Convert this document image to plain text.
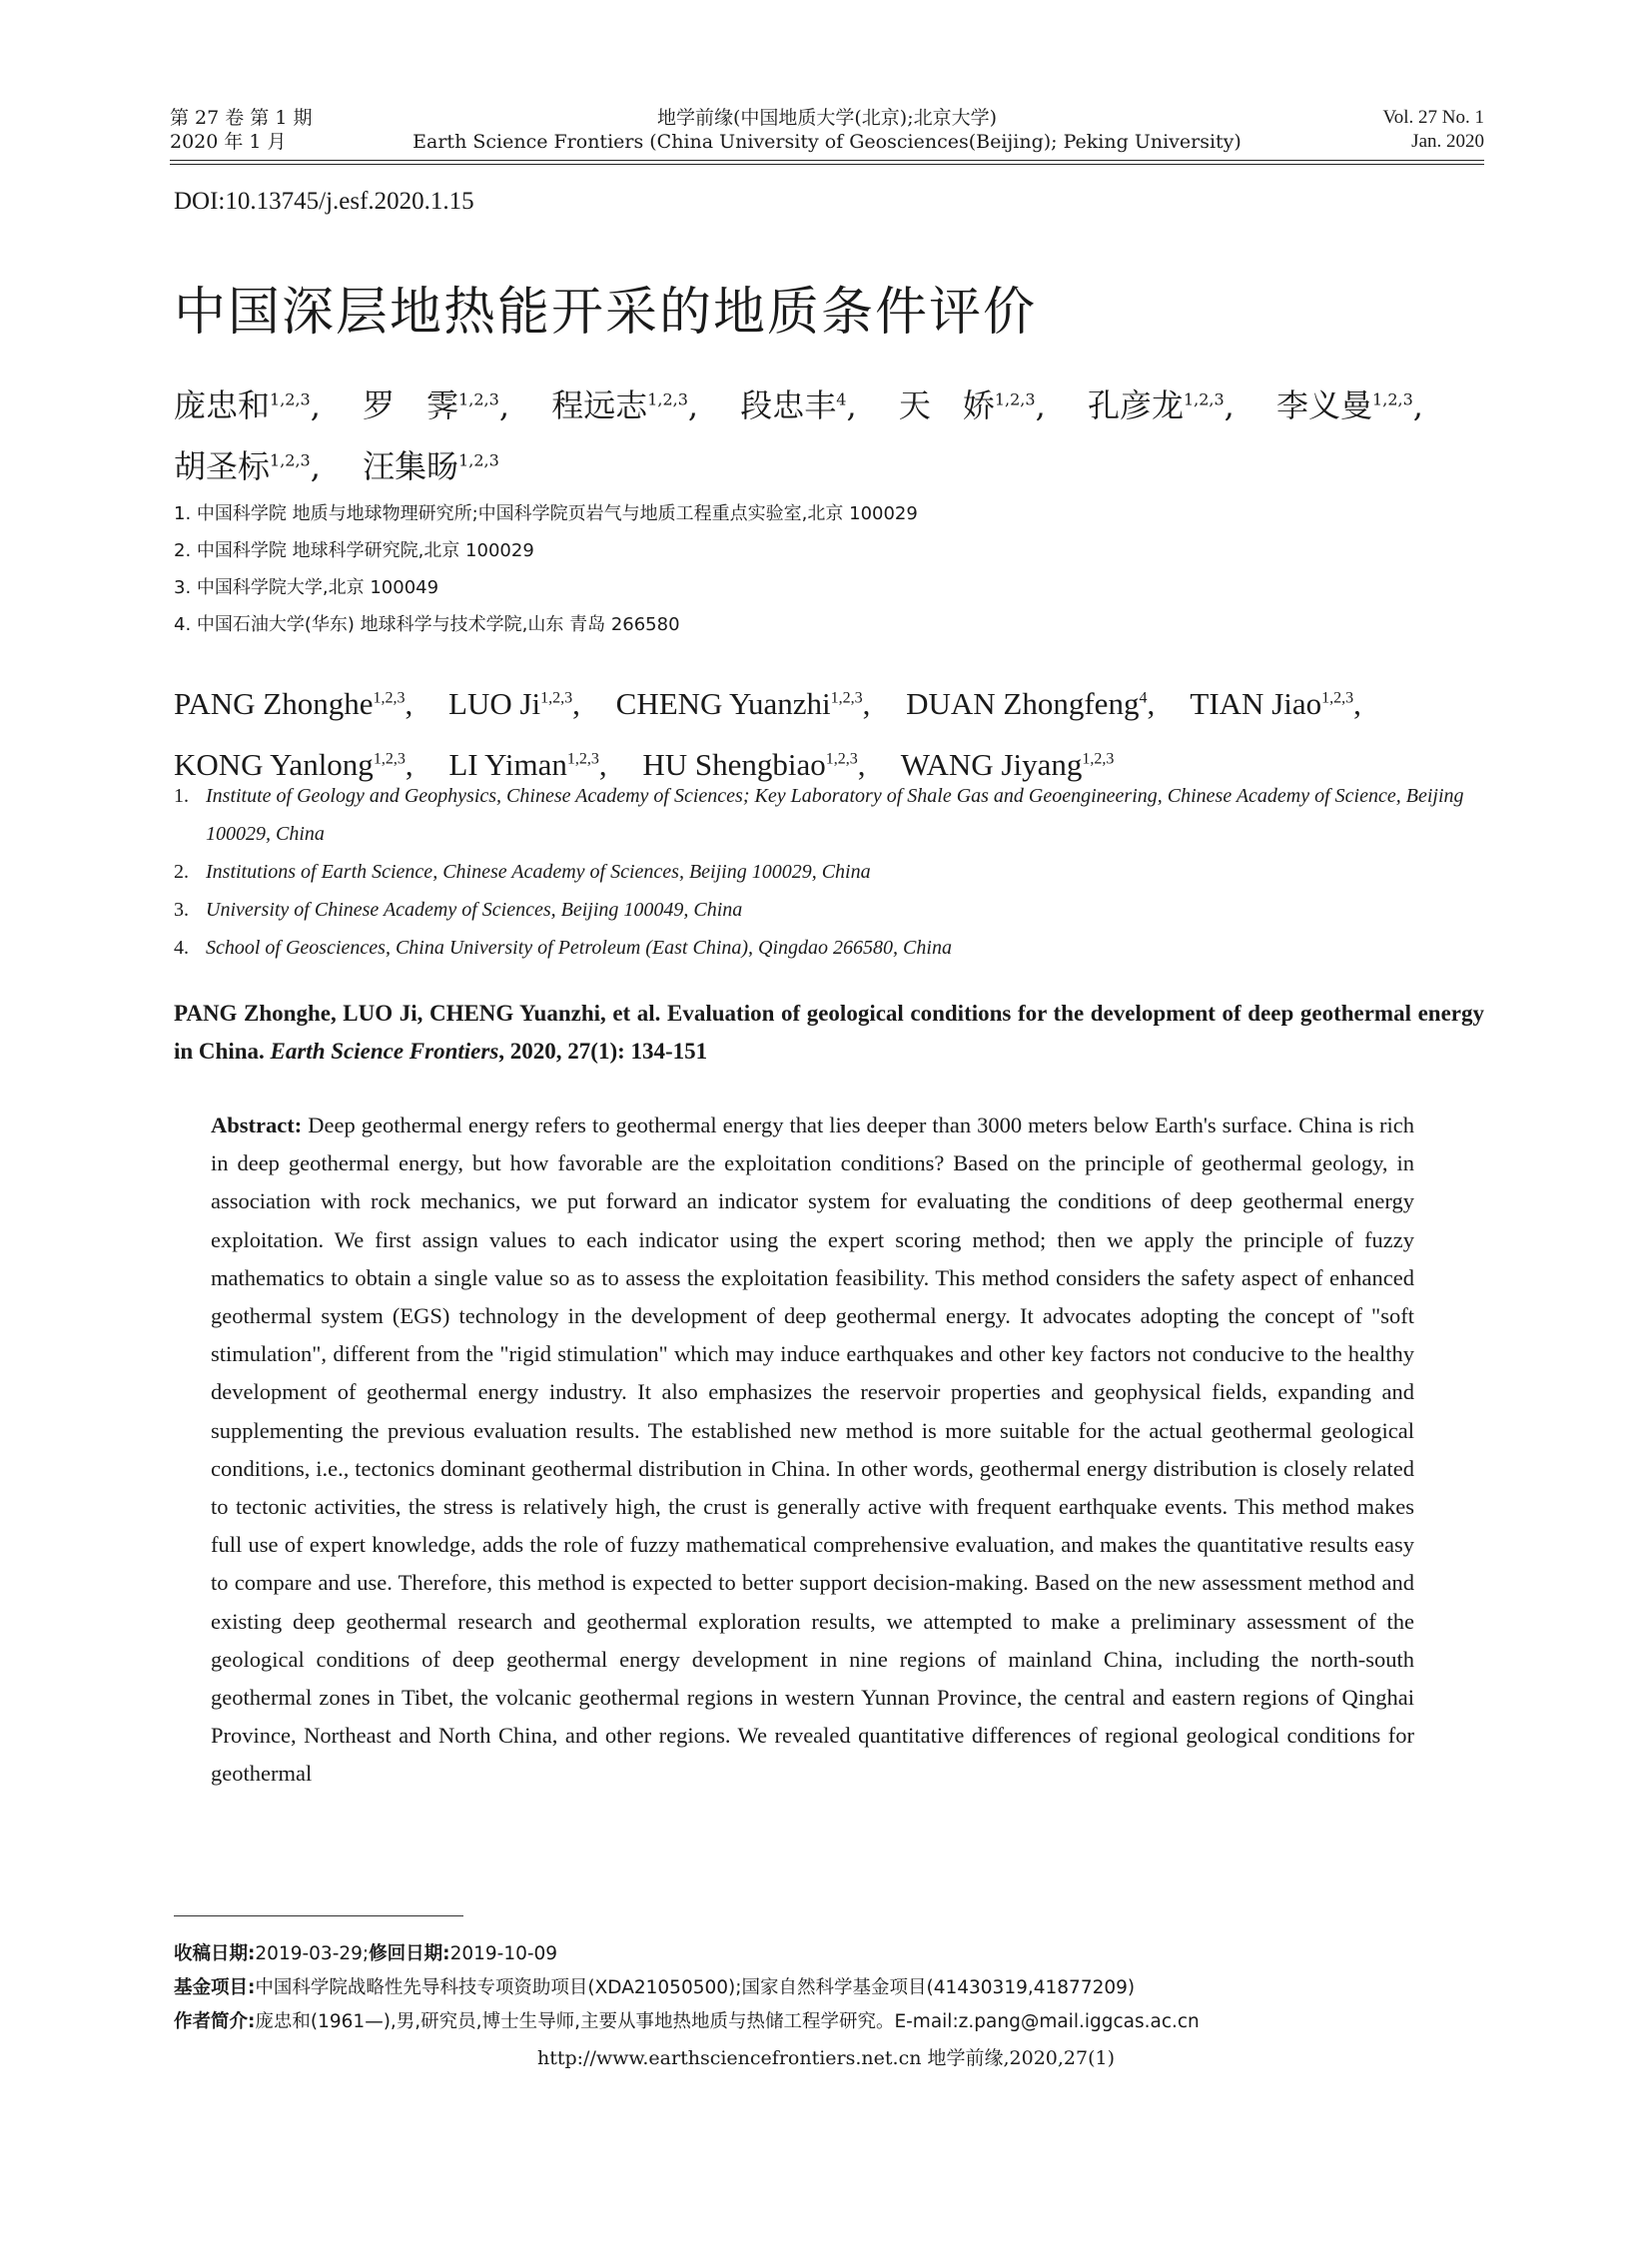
第 27 卷 第 1 期
2020 年 1 月
地学前缘(中国地质大学(北京);北京大学)
Earth Science Frontiers (China University of Geosciences(Beijing); Peking University)
Vol. 27 No. 1
Jan. 2020
DOI:10.13745/j.esf.2020.1.15
中国深层地热能开采的地质条件评价
庞忠和$^{1,2,3}$,　 罗　霁$^{1,2,3}$,　 程远志$^{1,2,3}$,　 段忠丰$^4$,　 天　娇$^{1,2,3}$,　 孔彦龙$^{1,2,3}$,　 李义曼$^{1,2,3}$,　 胡圣标$^{1,2,3}$,　 汪集旸$^{1,2,3}$
1. 中国科学院 地质与地球物理研究所;中国科学院页岩气与地质工程重点实验室,北京 100029
2. 中国科学院 地球科学研究院,北京 100029
3. 中国科学院大学,北京 100049
4. 中国石油大学(华东) 地球科学与技术学院,山东 青岛 266580
PANG Zhonghe$^{1,2,3}$, LUO Ji$^{1,2,3}$, CHENG Yuanzhi$^{1,2,3}$, DUAN Zhongfeng$^4$, TIAN Jiao$^{1,2,3}$, KONG Yanlong$^{1,2,3}$, LI Yiman$^{1,2,3}$, HU Shengbiao$^{1,2,3}$, WANG Jiyang$^{1,2,3}$
1. Institute of Geology and Geophysics, Chinese Academy of Sciences; Key Laboratory of Shale Gas and Geoengineering, Chinese Academy of Science, Beijing 100029, China
2. Institutions of Earth Science, Chinese Academy of Sciences, Beijing 100029, China
3. University of Chinese Academy of Sciences, Beijing 100049, China
4. School of Geosciences, China University of Petroleum (East China), Qingdao 266580, China
PANG Zhonghe, LUO Ji, CHENG Yuanzhi, et al. Evaluation of geological conditions for the development of deep geothermal energy in China. Earth Science Frontiers, 2020, 27(1): 134-151
Abstract: Deep geothermal energy refers to geothermal energy that lies deeper than 3000 meters below Earth's surface. China is rich in deep geothermal energy, but how favorable are the exploitation conditions? Based on the principle of geothermal geology, in association with rock mechanics, we put forward an indicator system for evaluating the conditions of deep geothermal energy exploitation. We first assign values to each indicator using the expert scoring method; then we apply the principle of fuzzy mathematics to obtain a single value so as to assess the exploitation feasibility. This method considers the safety aspect of enhanced geothermal system (EGS) technology in the development of deep geothermal energy. It advocates adopting the concept of "soft stimulation", different from the "rigid stimulation" which may induce earthquakes and other key factors not conducive to the healthy development of geothermal energy industry. It also emphasizes the reservoir properties and geophysical fields, expanding and supplementing the previous evaluation results. The established new method is more suitable for the actual geothermal geological conditions, i.e., tectonics dominant geothermal distribution in China. In other words, geothermal energy distribution is closely related to tectonic activities, the stress is relatively high, the crust is generally active with frequent earthquake events. This method makes full use of expert knowledge, adds the role of fuzzy mathematical comprehensive evaluation, and makes the quantitative results easy to compare and use. Therefore, this method is expected to better support decision-making. Based on the new assessment method and existing deep geothermal research and geothermal exploration results, we attempted to make a preliminary assessment of the geological conditions of deep geothermal energy development in nine regions of mainland China, including the north-south geothermal zones in Tibet, the volcanic geothermal regions in western Yunnan Province, the central and eastern regions of Qinghai Province, Northeast and North China, and other regions. We revealed quantitative differences of regional geological conditions for geothermal
收稿日期:2019-03-29;修回日期:2019-10-09
基金项目:中国科学院战略性先导科技专项资助项目(XDA21050500);国家自然科学基金项目(41430319,41877209)
作者简介:庞忠和(1961—),男,研究员,博士生导师,主要从事地热地质与热储工程学研究。E-mail:z.pang@mail.iggcas.ac.cn
http://www.earthsciencefrontiers.net.cn 地学前缘,2020,27(1)
